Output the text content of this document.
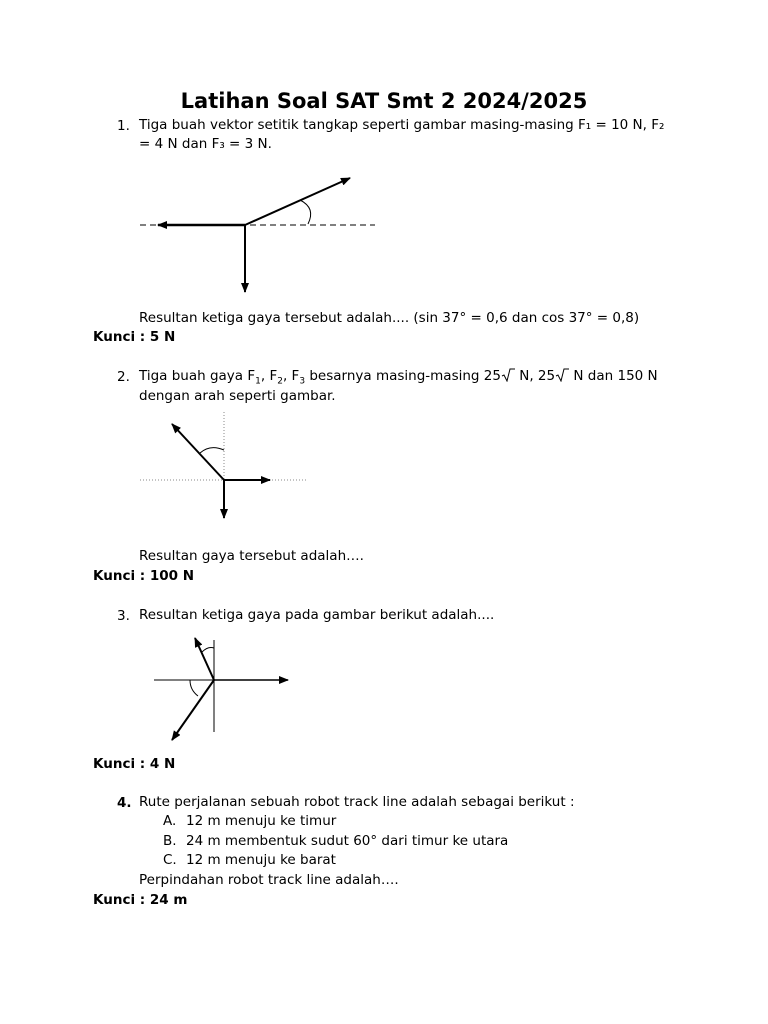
Latihan Soal SAT Smt 2 2024/2025
1. Tiga buah vektor setitik tangkap seperti gambar masing-masing F₁ = 10 N, F₂
= 4 N dan F₃ = 3 N.
Resultan ketiga gaya tersebut adalah.... (sin 37° = 0,6 dan cos 37° = 0,8)
Kunci : 5 N
2. Tiga buah gaya $F_1$, $F_2$, $F_3$ besarnya masing-masing 25 N, 25 N dan 150 N
dengan arah seperti gambar.
Resultan gaya tersebut adalah….
Kunci : 100 N
3. Resultan ketiga gaya pada gambar berikut adalah....
Kunci : 4 N
4. Rute perjalanan sebuah robot track line adalah sebagai berikut :
A. 12 m menuju ke timur
B. 24 m membentuk sudut 60° dari timur ke utara
C. 12 m menuju ke barat
Perpindahan robot track line adalah….
Kunci : 24 m
